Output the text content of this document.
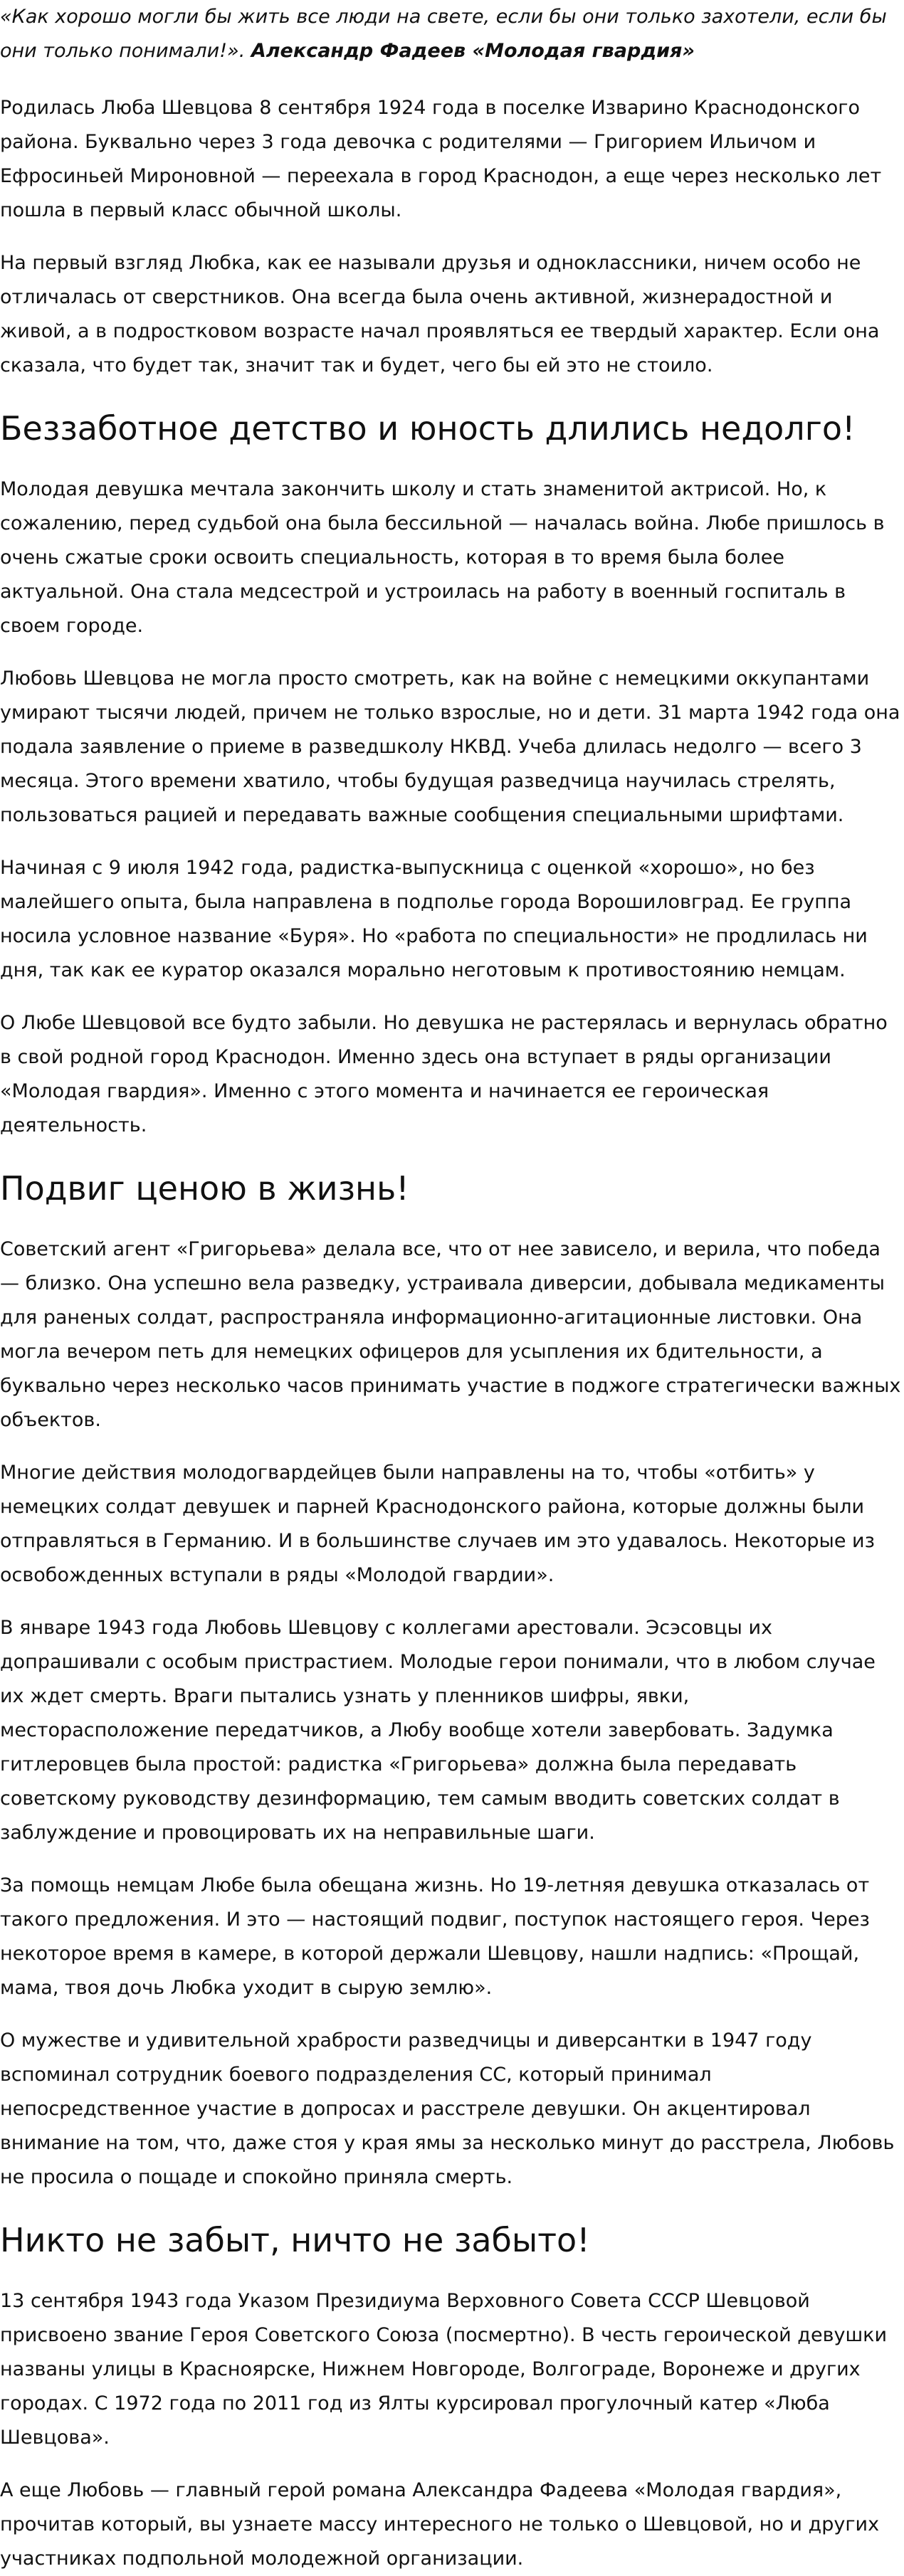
«Как хорошо могли бы жить все люди на свете, если бы они только захотели, если бы они только понимали!». Александр Фадеев «Молодая гвардия»

Родилась Люба Шевцова 8 сентября 1924 года в поселке Изварино Краснодонского района. Буквально через 3 года девочка с родителями — Григорием Ильичом и Ефросиньей Мироновной — переехала в город Краснодон, а еще через несколько лет пошла в первый класс обычной школы.

На первый взгляд Любка, как ее называли друзья и одноклассники, ничем особо не отличалась от сверстников. Она всегда была очень активной, жизнерадостной и живой, а в подростковом возрасте начал проявляться ее твердый характер. Если она сказала, что будет так, значит так и будет, чего бы ей это не стоило.

Беззаботное детство и юность длились недолго!

Молодая девушка мечтала закончить школу и стать знаменитой актрисой. Но, к сожалению, перед судьбой она была бессильной — началась война. Любе пришлось в очень сжатые сроки освоить специальность, которая в то время была более актуальной. Она стала медсестрой и устроилась на работу в военный госпиталь в своем городе.

Любовь Шевцова не могла просто смотреть, как на войне с немецкими оккупантами умирают тысячи людей, причем не только взрослые, но и дети. 31 марта 1942 года она подала заявление о приеме в разведшколу НКВД. Учеба длилась недолго — всего 3 месяца. Этого времени хватило, чтобы будущая разведчица научилась стрелять, пользоваться рацией и передавать важные сообщения специальными шрифтами.

Начиная с 9 июля 1942 года, радистка-выпускница с оценкой «хорошо», но без малейшего опыта, была направлена в подполье города Ворошиловград. Ее группа носила условное название «Буря». Но «работа по специальности» не продлилась ни дня, так как ее куратор оказался морально неготовым к противостоянию немцам.

О Любе Шевцовой все будто забыли. Но девушка не растерялась и вернулась обратно в свой родной город Краснодон. Именно здесь она вступает в ряды организации «Молодая гвардия». Именно с этого момента и начинается ее героическая деятельность.

Подвиг ценою в жизнь!

Советский агент «Григорьева» делала все, что от нее зависело, и верила, что победа — близко. Она успешно вела разведку, устраивала диверсии, добывала медикаменты для раненых солдат, распространяла информационно-агитационные листовки. Она могла вечером петь для немецких офицеров для усыпления их бдительности, а буквально через несколько часов принимать участие в поджоге стратегически важных объектов.

Многие действия молодогвардейцев были направлены на то, чтобы «отбить» у немецких солдат девушек и парней Краснодонского района, которые должны были отправляться в Германию. И в большинстве случаев им это удавалось. Некоторые из освобожденных вступали в ряды «Молодой гвардии».

В январе 1943 года Любовь Шевцову с коллегами арестовали. Эсэсовцы их допрашивали с особым пристрастием. Молодые герои понимали, что в любом случае их ждет смерть. Враги пытались узнать у пленников шифры, явки, месторасположение передатчиков, а Любу вообще хотели завербовать. Задумка гитлеровцев была простой: радистка «Григорьева» должна была передавать советскому руководству дезинформацию, тем самым вводить советских солдат в заблуждение и провоцировать их на неправильные шаги.

За помощь немцам Любе была обещана жизнь. Но 19-летняя девушка отказалась от такого предложения. И это — настоящий подвиг, поступок настоящего героя. Через некоторое время в камере, в которой держали Шевцову, нашли надпись: «Прощай, мама, твоя дочь Любка уходит в сырую землю».

О мужестве и удивительной храбрости разведчицы и диверсантки в 1947 году вспоминал сотрудник боевого подразделения СС, который принимал непосредственное участие в допросах и расстреле девушки. Он акцентировал внимание на том, что, даже стоя у края ямы за несколько минут до расстрела, Любовь не просила о пощаде и спокойно приняла смерть.

Никто не забыт, ничто не забыто!

13 сентября 1943 года Указом Президиума Верховного Совета СССР Шевцовой присвоено звание Героя Советского Союза (посмертно). В честь героической девушки названы улицы в Красноярске, Нижнем Новгороде, Волгограде, Воронеже и других городах. С 1972 года по 2011 год из Ялты курсировал прогулочный катер «Люба Шевцова».

А еще Любовь — главный герой романа Александра Фадеева «Молодая гвардия», прочитав который, вы узнаете массу интересного не только о Шевцовой, но и других участниках подпольной молодежной организации.
